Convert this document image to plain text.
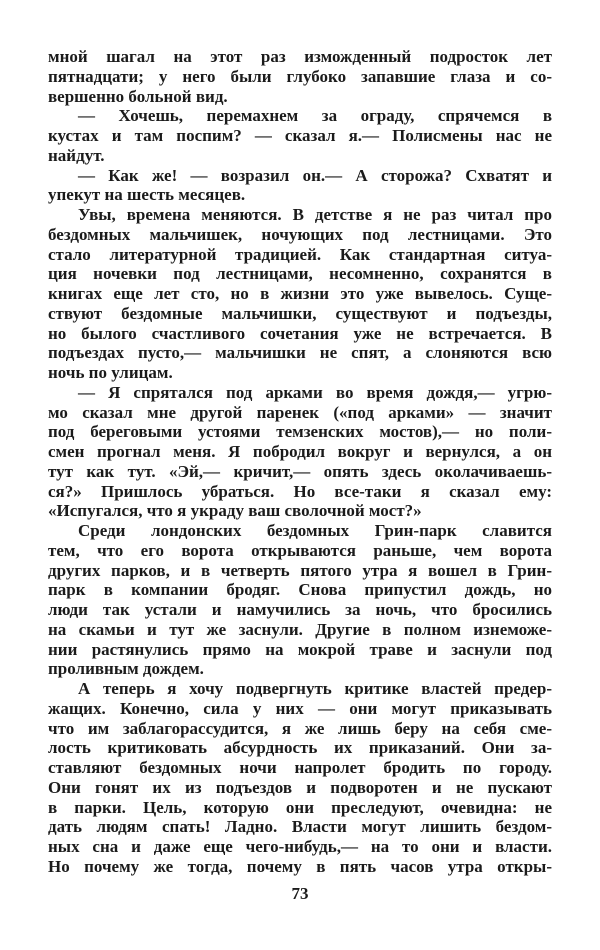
мной шагал на этот раз изможденный подросток лет
пятнадцати; у него были глубоко запавшие глаза и со-
вершенно больной вид.
— Хочешь, перемахнем за ограду, спрячемся в
кустах и там поспим? — сказал я.— Полисмены нас не
найдут.
— Как же! — возразил он.— А сторожа? Схватят и
упекут на шесть месяцев.
Увы, времена меняются. В детстве я не раз читал про
бездомных мальчишек, ночующих под лестницами. Это
стало литературной традицией. Как стандартная ситуа-
ция ночевки под лестницами, несомненно, сохранятся в
книгах еще лет сто, но в жизни это уже вывелось. Суще-
ствуют бездомные мальчишки, существуют и подъезды,
но былого счастливого сочетания уже не встречается. В
подъездах пусто,— мальчишки не спят, а слоняются всю
ночь по улицам.
— Я спрятался под арками во время дождя,— угрю-
мо сказал мне другой паренек («под арками» — значит
под береговыми устоями темзенских мостов),— но поли-
смен прогнал меня. Я побродил вокруг и вернулся, а он
тут как тут. «Эй,— кричит,— опять здесь околачиваешь-
ся?» Пришлось убраться. Но все-таки я сказал ему:
«Испугался, что я украду ваш сволочной мост?»
Среди лондонских бездомных Грин-парк славится
тем, что его ворота открываются раньше, чем ворота
других парков, и в четверть пятого утра я вошел в Грин-
парк в компании бродяг. Снова припустил дождь, но
люди так устали и намучились за ночь, что бросились
на скамьи и тут же заснули. Другие в полном изнеможе-
нии растянулись прямо на мокрой траве и заснули под
проливным дождем.
А теперь я хочу подвергнуть критике властей предер-
жащих. Конечно, сила у них — они могут приказывать
что им заблагорассудится, я же лишь беру на себя сме-
лость критиковать абсурдность их приказаний. Они за-
ставляют бездомных ночи напролет бродить по городу.
Они гонят их из подъездов и подворотен и не пускают
в парки. Цель, которую они преследуют, очевидна: не
дать людям спать! Ладно. Власти могут лишить бездом-
ных сна и даже еще чего-нибудь,— на то они и власти.
Но почему же тогда, почему в пять часов утра откры-
73
